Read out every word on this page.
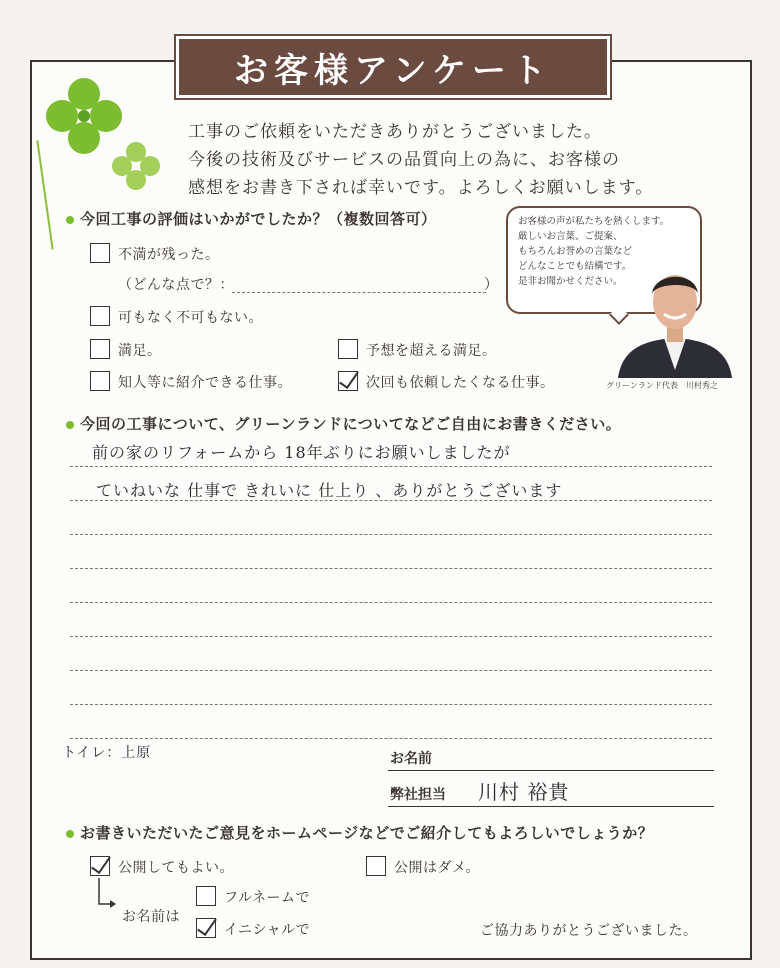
お客様アンケート
工事のご依頼をいただきありがとうございました。
今後の技術及びサービスの品質向上の為に、お客様の
感想をお書き下されば幸いです。よろしくお願いします。
今回工事の評価はいかがでしたか？（複数回答可）
不満が残った。
（どんな点で？：	）
可もなく不可もない。
満足。	予想を超える満足。
知人等に紹介できる仕事。	次回も依頼したくなる仕事。
お客様の声が私たちを熱くします。
厳しいお言葉、ご提案、
もちろんお誉めの言葉など
どんなことでも結構です。
是非お聞かせください。
グリーンランド代表　川村秀之
今回の工事について、グリーンランドについてなどご自由にお書きください。
前の家のリフォームから 18年ぶりにお願いしましたが
ていねいな 仕事で きれいに 仕上り 、ありがとうございます
トイレ：上原	お名前
弊社担当 川村 裕貴
お書きいただいたご意見をホームページなどでご紹介してもよろしいでしょうか？
公開してもよい。	公開はダメ。
お名前は
フルネームで
イニシャルで	ご協力ありがとうございました。
